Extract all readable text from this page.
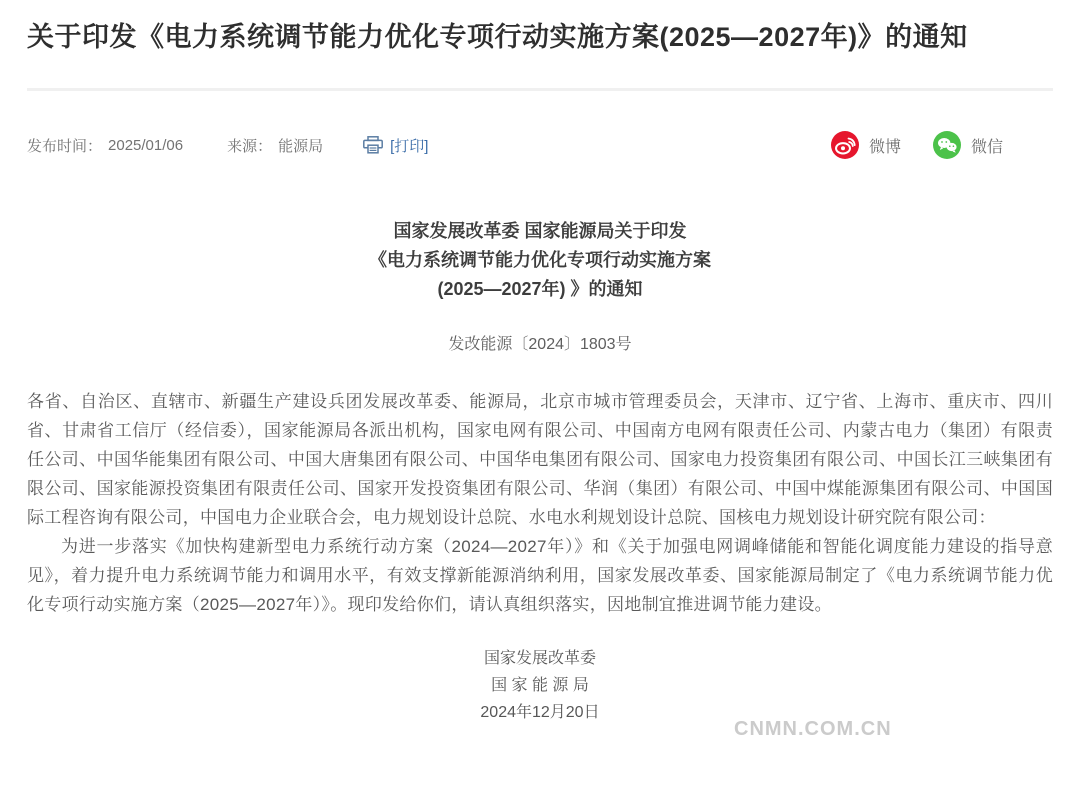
关于印发《电力系统调节能力优化专项行动实施方案(2025—2027年)》的通知
发布时间： 2025/01/06	来源： 能源局	[打印]	微博	微信
国家发展改革委 国家能源局关于印发
《电力系统调节能力优化专项行动实施方案
(2025—2027年) 》的通知
发改能源〔2024〕1803号

各省、自治区、直辖市、新疆生产建设兵团发展改革委、能源局，北京市城市管理委员会，天津市、辽宁省、上海市、重庆市、四川省、甘肃省工信厅（经信委），国家能源局各派出机构，国家电网有限公司、中国南方电网有限责任公司、内蒙古电力（集团）有限责任公司、中国华能集团有限公司、中国大唐集团有限公司、中国华电集团有限公司、国家电力投资集团有限公司、中国长江三峡集团有限公司、国家能源投资集团有限责任公司、国家开发投资集团有限公司、华润（集团）有限公司、中国中煤能源集团有限公司、中国国际工程咨询有限公司，中国电力企业联合会，电力规划设计总院、水电水利规划设计总院、国核电力规划设计研究院有限公司：

为进一步落实《加快构建新型电力系统行动方案（2024—2027年）》和《关于加强电网调峰储能和智能化调度能力建设的指导意见》，着力提升电力系统调节能力和调用水平，有效支撑新能源消纳利用，国家发展改革委、国家能源局制定了《电力系统调节能力优化专项行动实施方案（2025—2027年）》。现印发给你们，请认真组织落实，因地制宜推进调节能力建设。

国家发展改革委
国 家 能 源 局
2024年12月20日
CNMN.COM.CN
